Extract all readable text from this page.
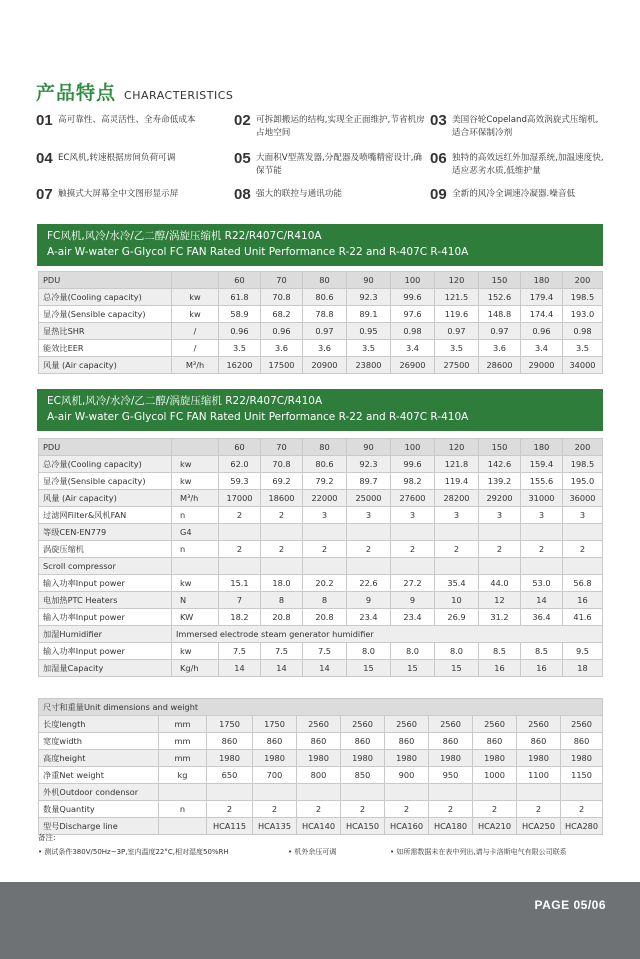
产品特点 CHARACTERISTICS
01 高可靠性、高灵活性、全寿命低成本	02 可拆卸搬运的结构,实现全正面维护,节省机房占地空间
03 美国谷轮Copeland高效涡旋式压缩机,适合环保制冷剂
04 EC风机,转速根据房间负荷可调	05 大面积V型蒸发器,分配器及喷嘴精密设计,确保节能
06 独特的高效远红外加湿系统,加温速度快,适应恶劣水质,低维护量
07 触摸式大屏幕全中文图形显示屏	08 强大的联控与通讯功能	09 全新的风冷全调速冷凝器.噪音低
FC风机,风冷/水冷/乙二醇/涡旋压缩机 R22/R407C/R410A
A-air W-water G-Glycol FC FAN Rated Unit Performance R-22 and R-407C R-410A
PDU		60	70	80	90	100	120	150	180	200
总冷量(Cooling capacity)	kw	61.8	70.8	80.6	92.3	99.6	121.5	152.6	179.4	198.5
显冷量(Sensible capacity)	kw	58.9	68.2	78.8	89.1	97.6	119.6	148.8	174.4	193.0
显热比SHR	/	0.96	0.96	0.97	0.95	0.98	0.97	0.97	0.96	0.98
能效比EER	/	3.5	3.6	3.6	3.5	3.4	3.5	3.6	3.4	3.5
风量 (Air capacity)	M³/h	16200	17500	20900	23800	26900	27500	28600	29000	34000
EC风机,风冷/水冷/乙二醇/涡旋压缩机 R22/R407C/R410A
A-air W-water G-Glycol FC FAN Rated Unit Performance R-22 and R-407C R-410A
PDU		60	70	80	90	100	120	150	180	200
总冷量(Cooling capacity)	kw	62.0	70.8	80.6	92.3	99.6	121.8	142.6	159.4	198.5
显冷量(Sensible capacity)	kw	59.3	69.2	79.2	89.7	98.2	119.4	139.2	155.6	195.0
风量 (Air capacity)	M³/h	17000	18600	22000	25000	27600	28200	29200	31000	36000
过滤网Filter&风机FAN	n	2	2	3	3	3	3	3	3	3
等级CEN-EN779	G4									
涡旋压缩机	n	2	2	2	2	2	2	2	2	2
Scroll compressor										
输入功率Input power	kw	15.1	18.0	20.2	22.6	27.2	35.4	44.0	53.0	56.8
电加热PTC Heaters	N	7	8	8	9	9	10	12	14	16
输入功率Input power	KW	18.2	20.8	20.8	23.4	23.4	26.9	31.2	36.4	41.6
加湿Humidifier	Immersed electrode steam generator humidifier									
输入功率Input power	kw	7.5	7.5	7.5	8.0	8.0	8.0	8.5	8.5	9.5
加湿量Capacity	Kg/h	14	14	14	15	15	15	16	16	18
尺寸和重量Unit dimensions and weight										
长度length	mm	1750	1750	2560	2560	2560	2560	2560	2560	2560
宽度width	mm	860	860	860	860	860	860	860	860	860
高度height	mm	1980	1980	1980	1980	1980	1980	1980	1980	1980
净重Net weight	kg	650	700	800	850	900	950	1000	1100	1150
外机Outdoor condensor										
数量Quantity	n	2	2	2	2	2	2	2	2	2
型号Discharge line		HCA115	HCA135	HCA140	HCA150	HCA160	HCA180	HCA210	HCA250	HCA280
备注:
• 测试条件380V/50Hz~3P,室内温度22°C,相对湿度50%RH	• 机外余压可调	• 如所需数据未在表中列出,请与卡洛斯电气有限公司联系
PAGE 05/06
